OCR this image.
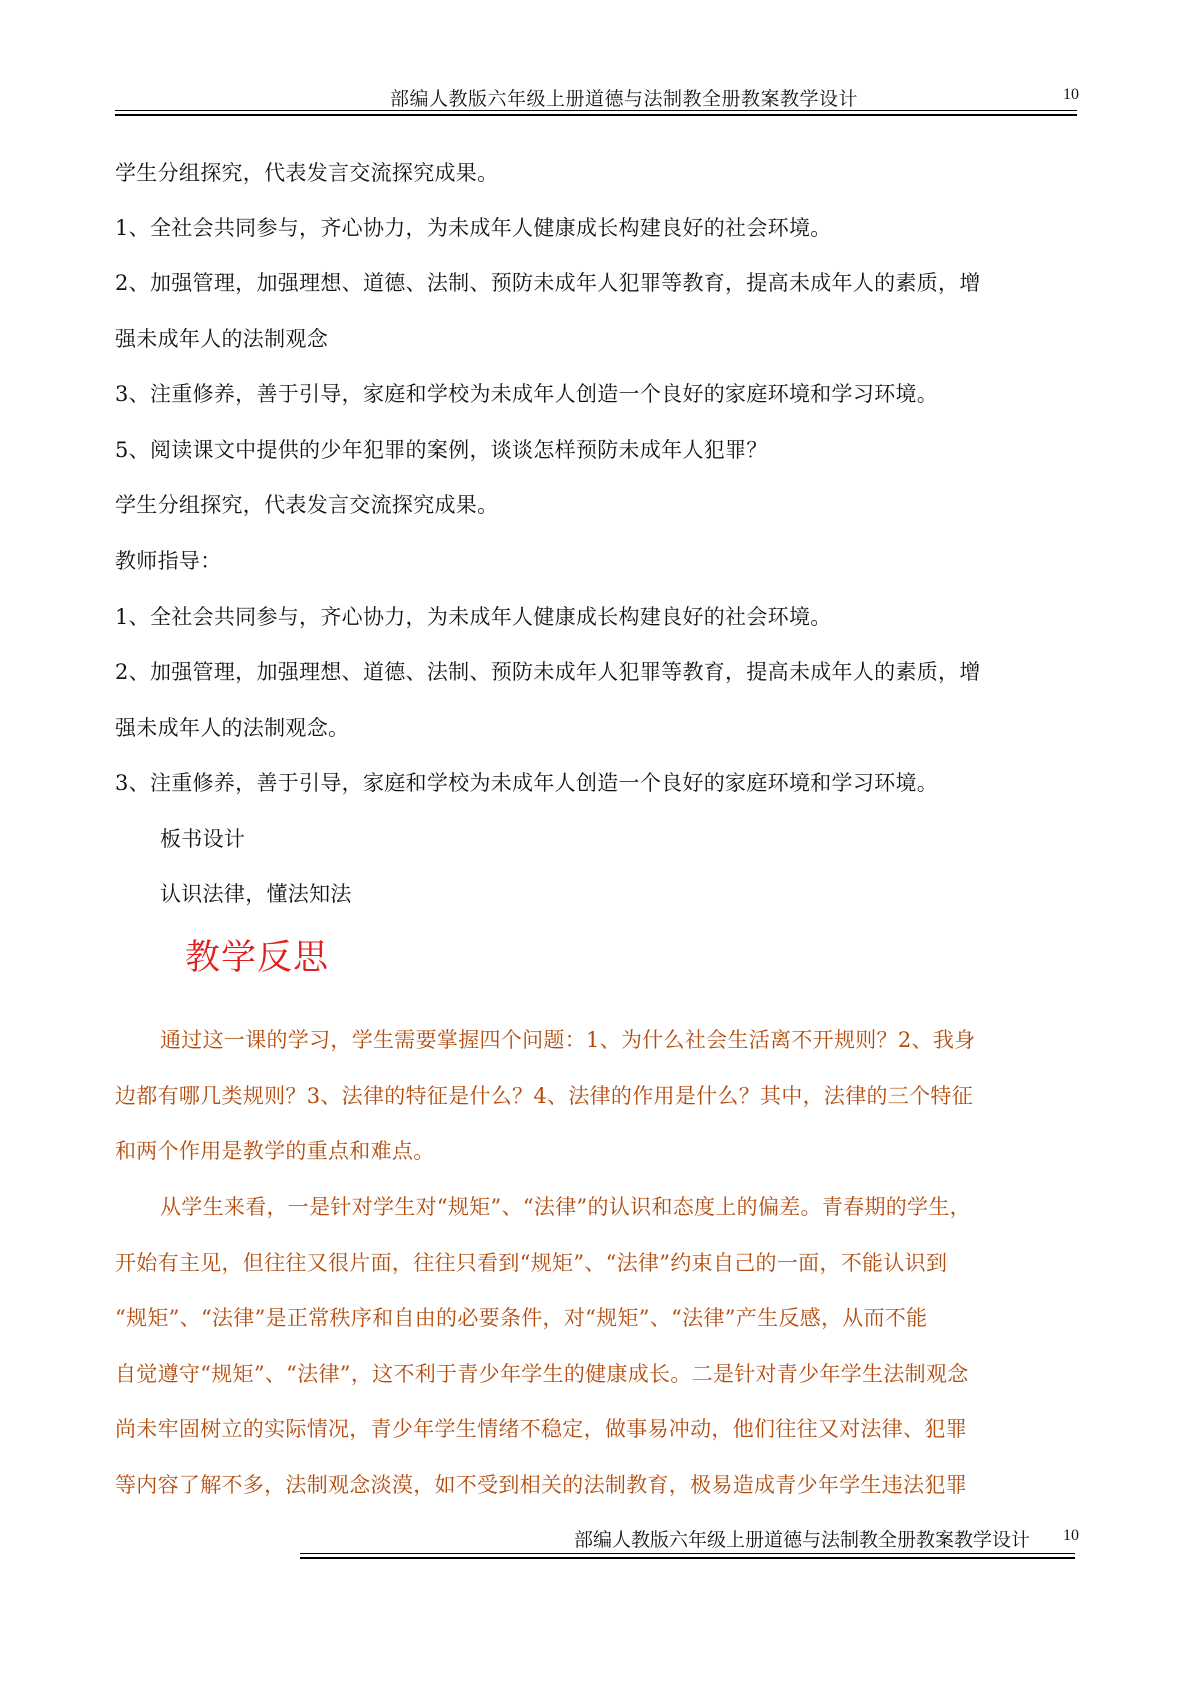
部编人教版六年级上册道德与法制教全册教案教学设计	10
学生分组探究，代表发言交流探究成果。
1、全社会共同参与，齐心协力，为未成年人健康成长构建良好的社会环境。
2、加强管理，加强理想、道德、法制、预防未成年人犯罪等教育，提高未成年人的素质，增
强未成年人的法制观念
3、注重修养，善于引导，家庭和学校为未成年人创造一个良好的家庭环境和学习环境。
5、阅读课文中提供的少年犯罪的案例，谈谈怎样预防未成年人犯罪？
学生分组探究，代表发言交流探究成果。
教师指导：
1、全社会共同参与，齐心协力，为未成年人健康成长构建良好的社会环境。
2、加强管理，加强理想、道德、法制、预防未成年人犯罪等教育，提高未成年人的素质，增
强未成年人的法制观念。
3、注重修养，善于引导，家庭和学校为未成年人创造一个良好的家庭环境和学习环境。
板书设计
认识法律，懂法知法
教学反思
通过这一课的学习，学生需要掌握四个问题：1、为什么社会生活离不开规则？2、我身
边都有哪几类规则？3、法律的特征是什么？4、法律的作用是什么？其中，法律的三个特征
和两个作用是教学的重点和难点。
从学生来看，一是针对学生对“规矩”、“法律”的认识和态度上的偏差。青春期的学生，
开始有主见，但往往又很片面，往往只看到“规矩”、“法律”约束自己的一面，不能认识到
“规矩”、“法律”是正常秩序和自由的必要条件，对“规矩”、“法律”产生反感，从而不能
自觉遵守“规矩”、“法律”，这不利于青少年学生的健康成长。二是针对青少年学生法制观念
尚未牢固树立的实际情况，青少年学生情绪不稳定，做事易冲动，他们往往又对法律、犯罪
等内容了解不多，法制观念淡漠，如不受到相关的法制教育，极易造成青少年学生违法犯罪
部编人教版六年级上册道德与法制教全册教案教学设计 10
